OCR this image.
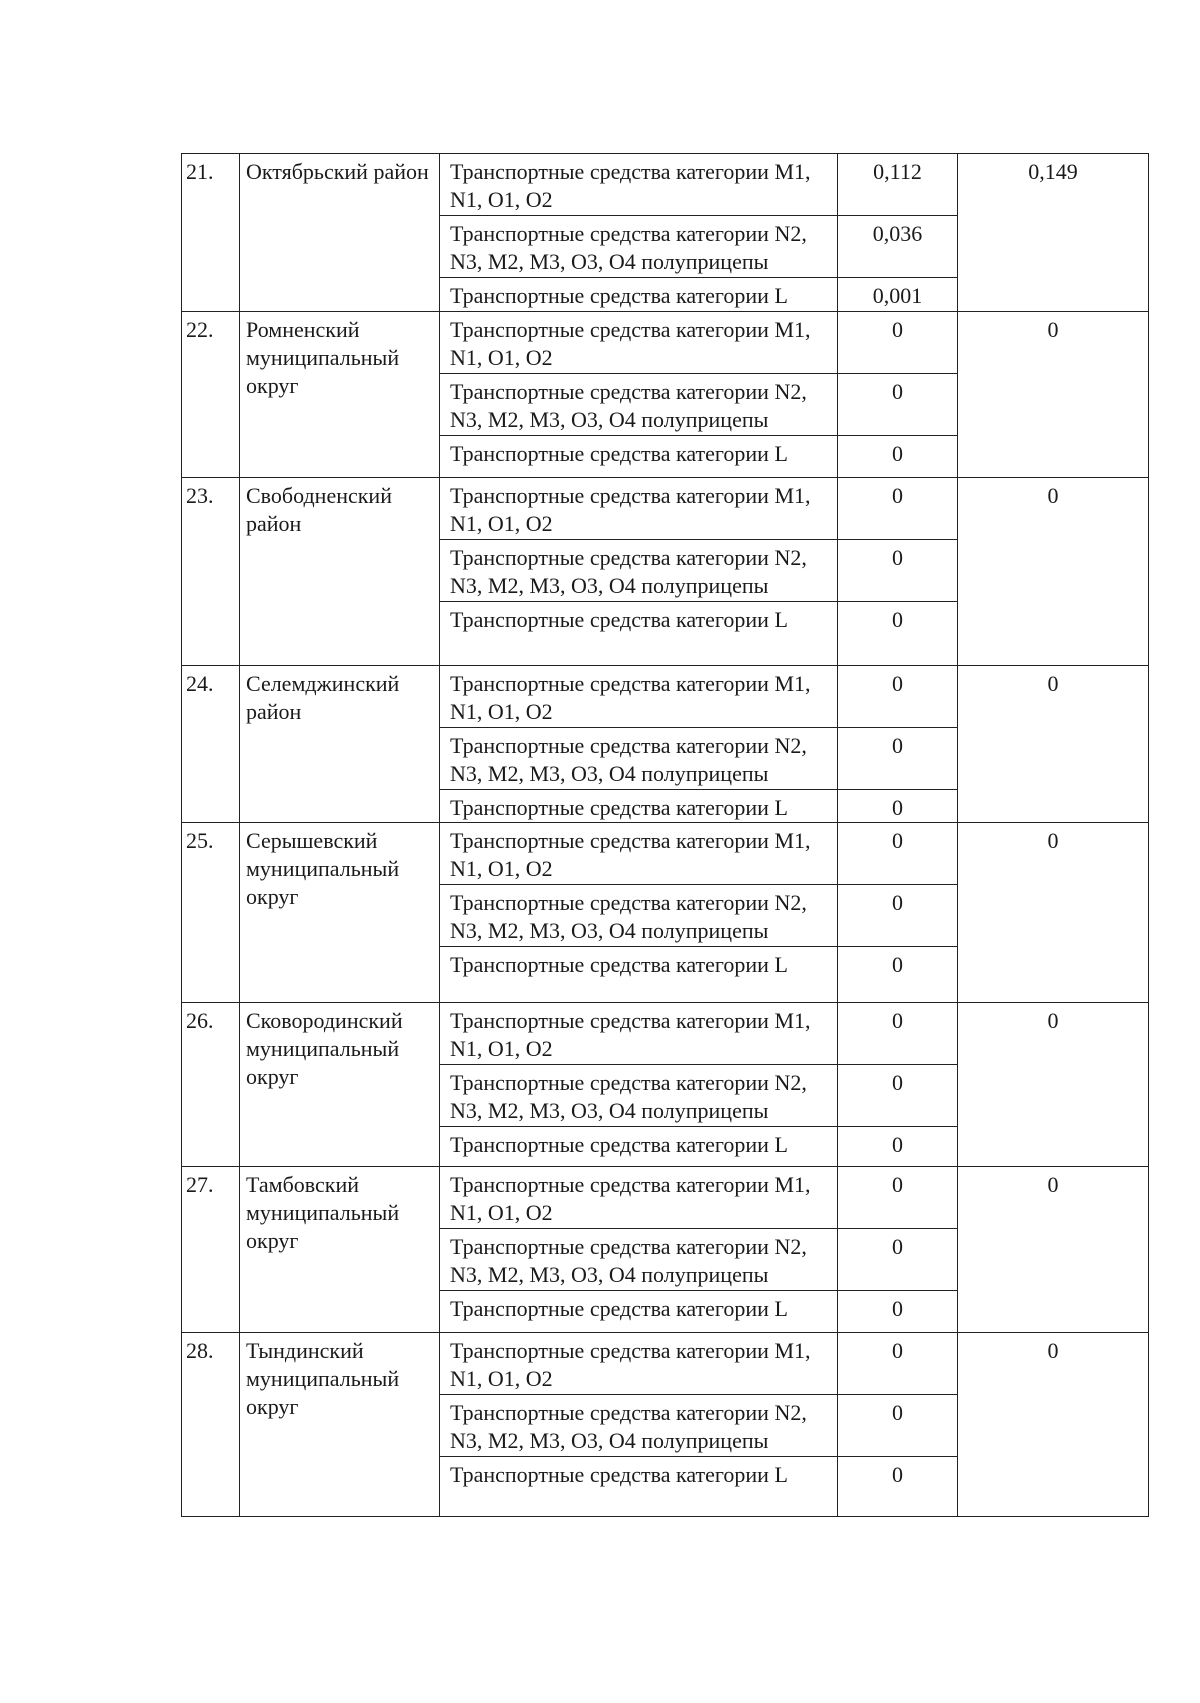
21.	Октябрьский район	Транспортные средства категории М1, N1, О1, О2	0,112	0,149
		Транспортные средства категории N2, N3, М2, М3, О3, О4 полуприцепы	0,036	
		Транспортные средства категории L	0,001	
22.	Ромненский муниципальный округ	Транспортные средства категории М1, N1, О1, О2	0	0
		Транспортные средства категории N2, N3, М2, М3, О3, О4 полуприцепы	0	
		Транспортные средства категории L	0	
23.	Свободненский район	Транспортные средства категории М1, N1, О1, О2	0	0
		Транспортные средства категории N2, N3, М2, М3, О3, О4 полуприцепы	0	
		Транспортные средства категории L	0	
24.	Селемджинский район	Транспортные средства категории М1, N1, О1, О2	0	0
		Транспортные средства категории N2, N3, М2, М3, О3, О4 полуприцепы	0	
		Транспортные средства категории L	0	
25.	Серышевский муниципальный округ	Транспортные средства категории М1, N1, О1, О2	0	0
		Транспортные средства категории N2, N3, М2, М3, О3, О4 полуприцепы	0	
		Транспортные средства категории L	0	
26.	Сковородинский муниципальный округ	Транспортные средства категории М1, N1, О1, О2	0	0
		Транспортные средства категории N2, N3, М2, М3, О3, О4 полуприцепы	0	
		Транспортные средства категории L	0	
27.	Тамбовский муниципальный округ	Транспортные средства категории М1, N1, О1, О2	0	0
		Транспортные средства категории N2, N3, М2, М3, О3, О4 полуприцепы	0	
		Транспортные средства категории L	0	
28.	Тындинский муниципальный округ	Транспортные средства категории М1, N1, О1, О2	0	0
		Транспортные средства категории N2, N3, М2, М3, О3, О4 полуприцепы	0	
		Транспортные средства категории L	0	
